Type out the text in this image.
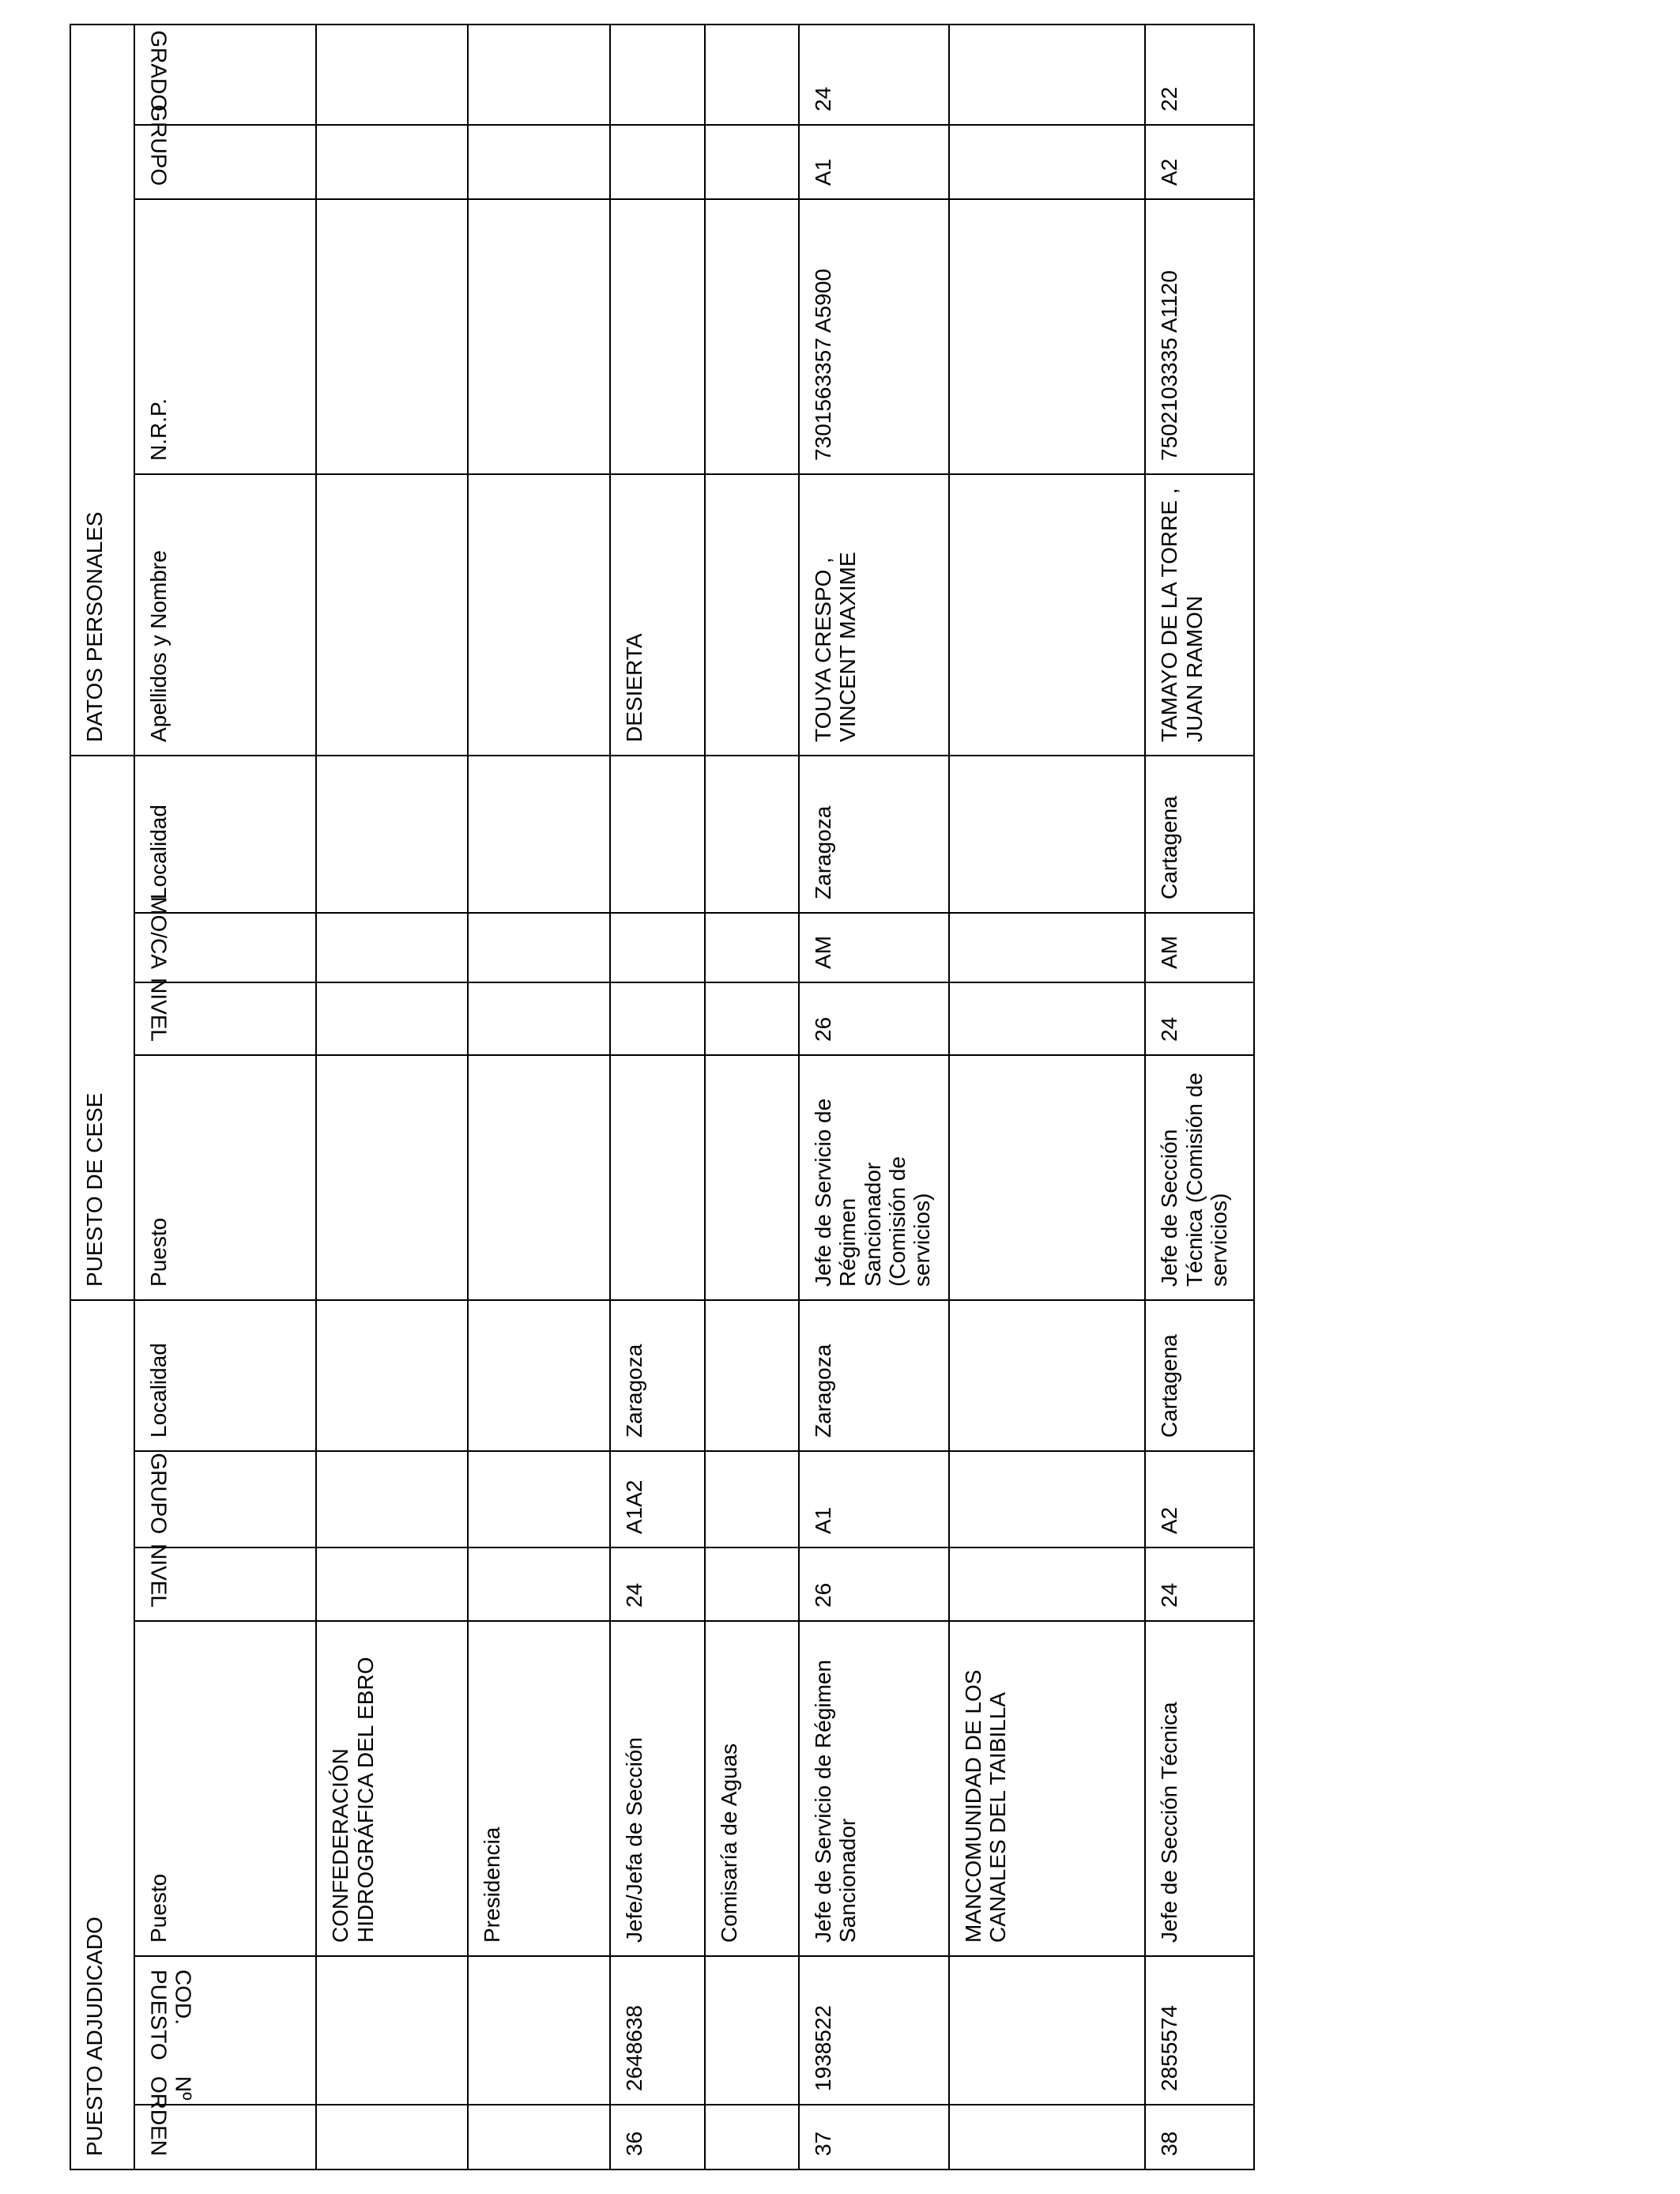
PUESTO ADJUDICADO						PUESTO DE CESE				DATOS PERSONALES			
Nº ORDEN	COD. PUESTO	Puesto	NIVEL	GRUPO	Localidad	Puesto	NIVEL	MO/CA	Localidad	Apellidos y Nombre	N.R.P.	GRUPO	GRADO
		CONFEDERACIÓN HIDROGRÁFICA DEL EBRO											
		Presidencia											
36	2648638	Jefe/Jefa de Sección	24	A1A2	Zaragoza					DESIERTA			
		Comisaría de Aguas											
37	1938522	Jefe de Servicio de Régimen Sancionador	26	A1	Zaragoza	Jefe de Servicio de Régimen Sancionador (Comisión de servicios)	26	AM	Zaragoza	TOUYA CRESPO , VINCENT MAXIME	7301563357 A5900	A1	24
		MANCOMUNIDAD DE LOS CANALES DEL TAIBILLA											
38	2855574	Jefe de Sección Técnica	24	A2	Cartagena	Jefe de Sección Técnica (Comisión de servicios)	24	AM	Cartagena	TAMAYO DE LA TORRE , JUAN RAMON	7502103335 A1120	A2	22
